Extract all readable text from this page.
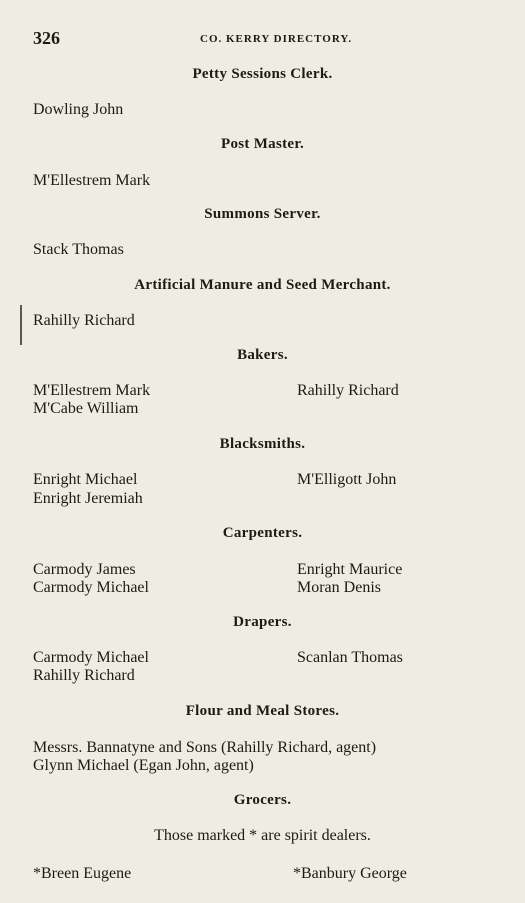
326	CO. KERRY DIRECTORY.
Petty Sessions Clerk.
Dowling John
Post Master.
M'Ellestrem Mark
Summons Server.
Stack Thomas
Artificial Manure and Seed Merchant.
Rahilly Richard
Bakers.
M'Ellestrem Mark	Rahilly Richard
M'Cabe William
Blacksmiths.
Enright Michael	M'Elligott John
Enright Jeremiah
Carpenters.
Carmody James	Enright Maurice
Carmody Michael	Moran Denis
Drapers.
Carmody Michael	Scanlan Thomas
Rahilly Richard
Flour and Meal Stores.
Messrs. Bannatyne and Sons (Rahilly Richard, agent)
Glynn Michael (Egan John, agent)
Grocers.
Those marked * are spirit dealers.
*Breen Eugene	*Banbury George
